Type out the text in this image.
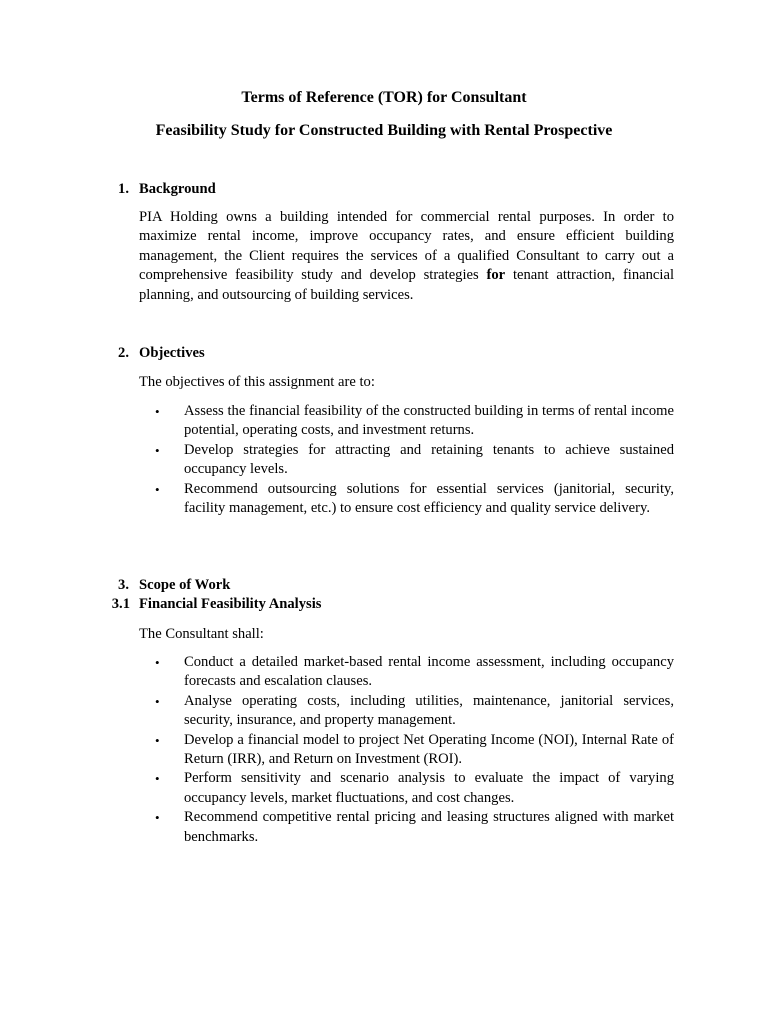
Terms of Reference (TOR) for Consultant
Feasibility Study for Constructed Building with Rental Prospective
1. Background

PIA Holding owns a building intended for commercial rental purposes. In order to maximize rental income, improve occupancy rates, and ensure efficient building management, the Client requires the services of a qualified Consultant to carry out a comprehensive feasibility study and develop strategies for tenant attraction, financial planning, and outsourcing of building services.

2. Objectives

The objectives of this assignment are to:

•	Assess the financial feasibility of the constructed building in terms of rental income potential, operating costs, and investment returns.
•	Develop strategies for attracting and retaining tenants to achieve sustained occupancy levels.
•	Recommend outsourcing solutions for essential services (janitorial, security, facility management, etc.) to ensure cost efficiency and quality service delivery.
3. Scope of Work
3.1 Financial Feasibility Analysis

The Consultant shall:

•	Conduct a detailed market-based rental income assessment, including occupancy forecasts and escalation clauses.
•	Analyse operating costs, including utilities, maintenance, janitorial services, security, insurance, and property management.
•	Develop a financial model to project Net Operating Income (NOI), Internal Rate of Return (IRR), and Return on Investment (ROI).
•	Perform sensitivity and scenario analysis to evaluate the impact of varying occupancy levels, market fluctuations, and cost changes.
•	Recommend competitive rental pricing and leasing structures aligned with market benchmarks.
